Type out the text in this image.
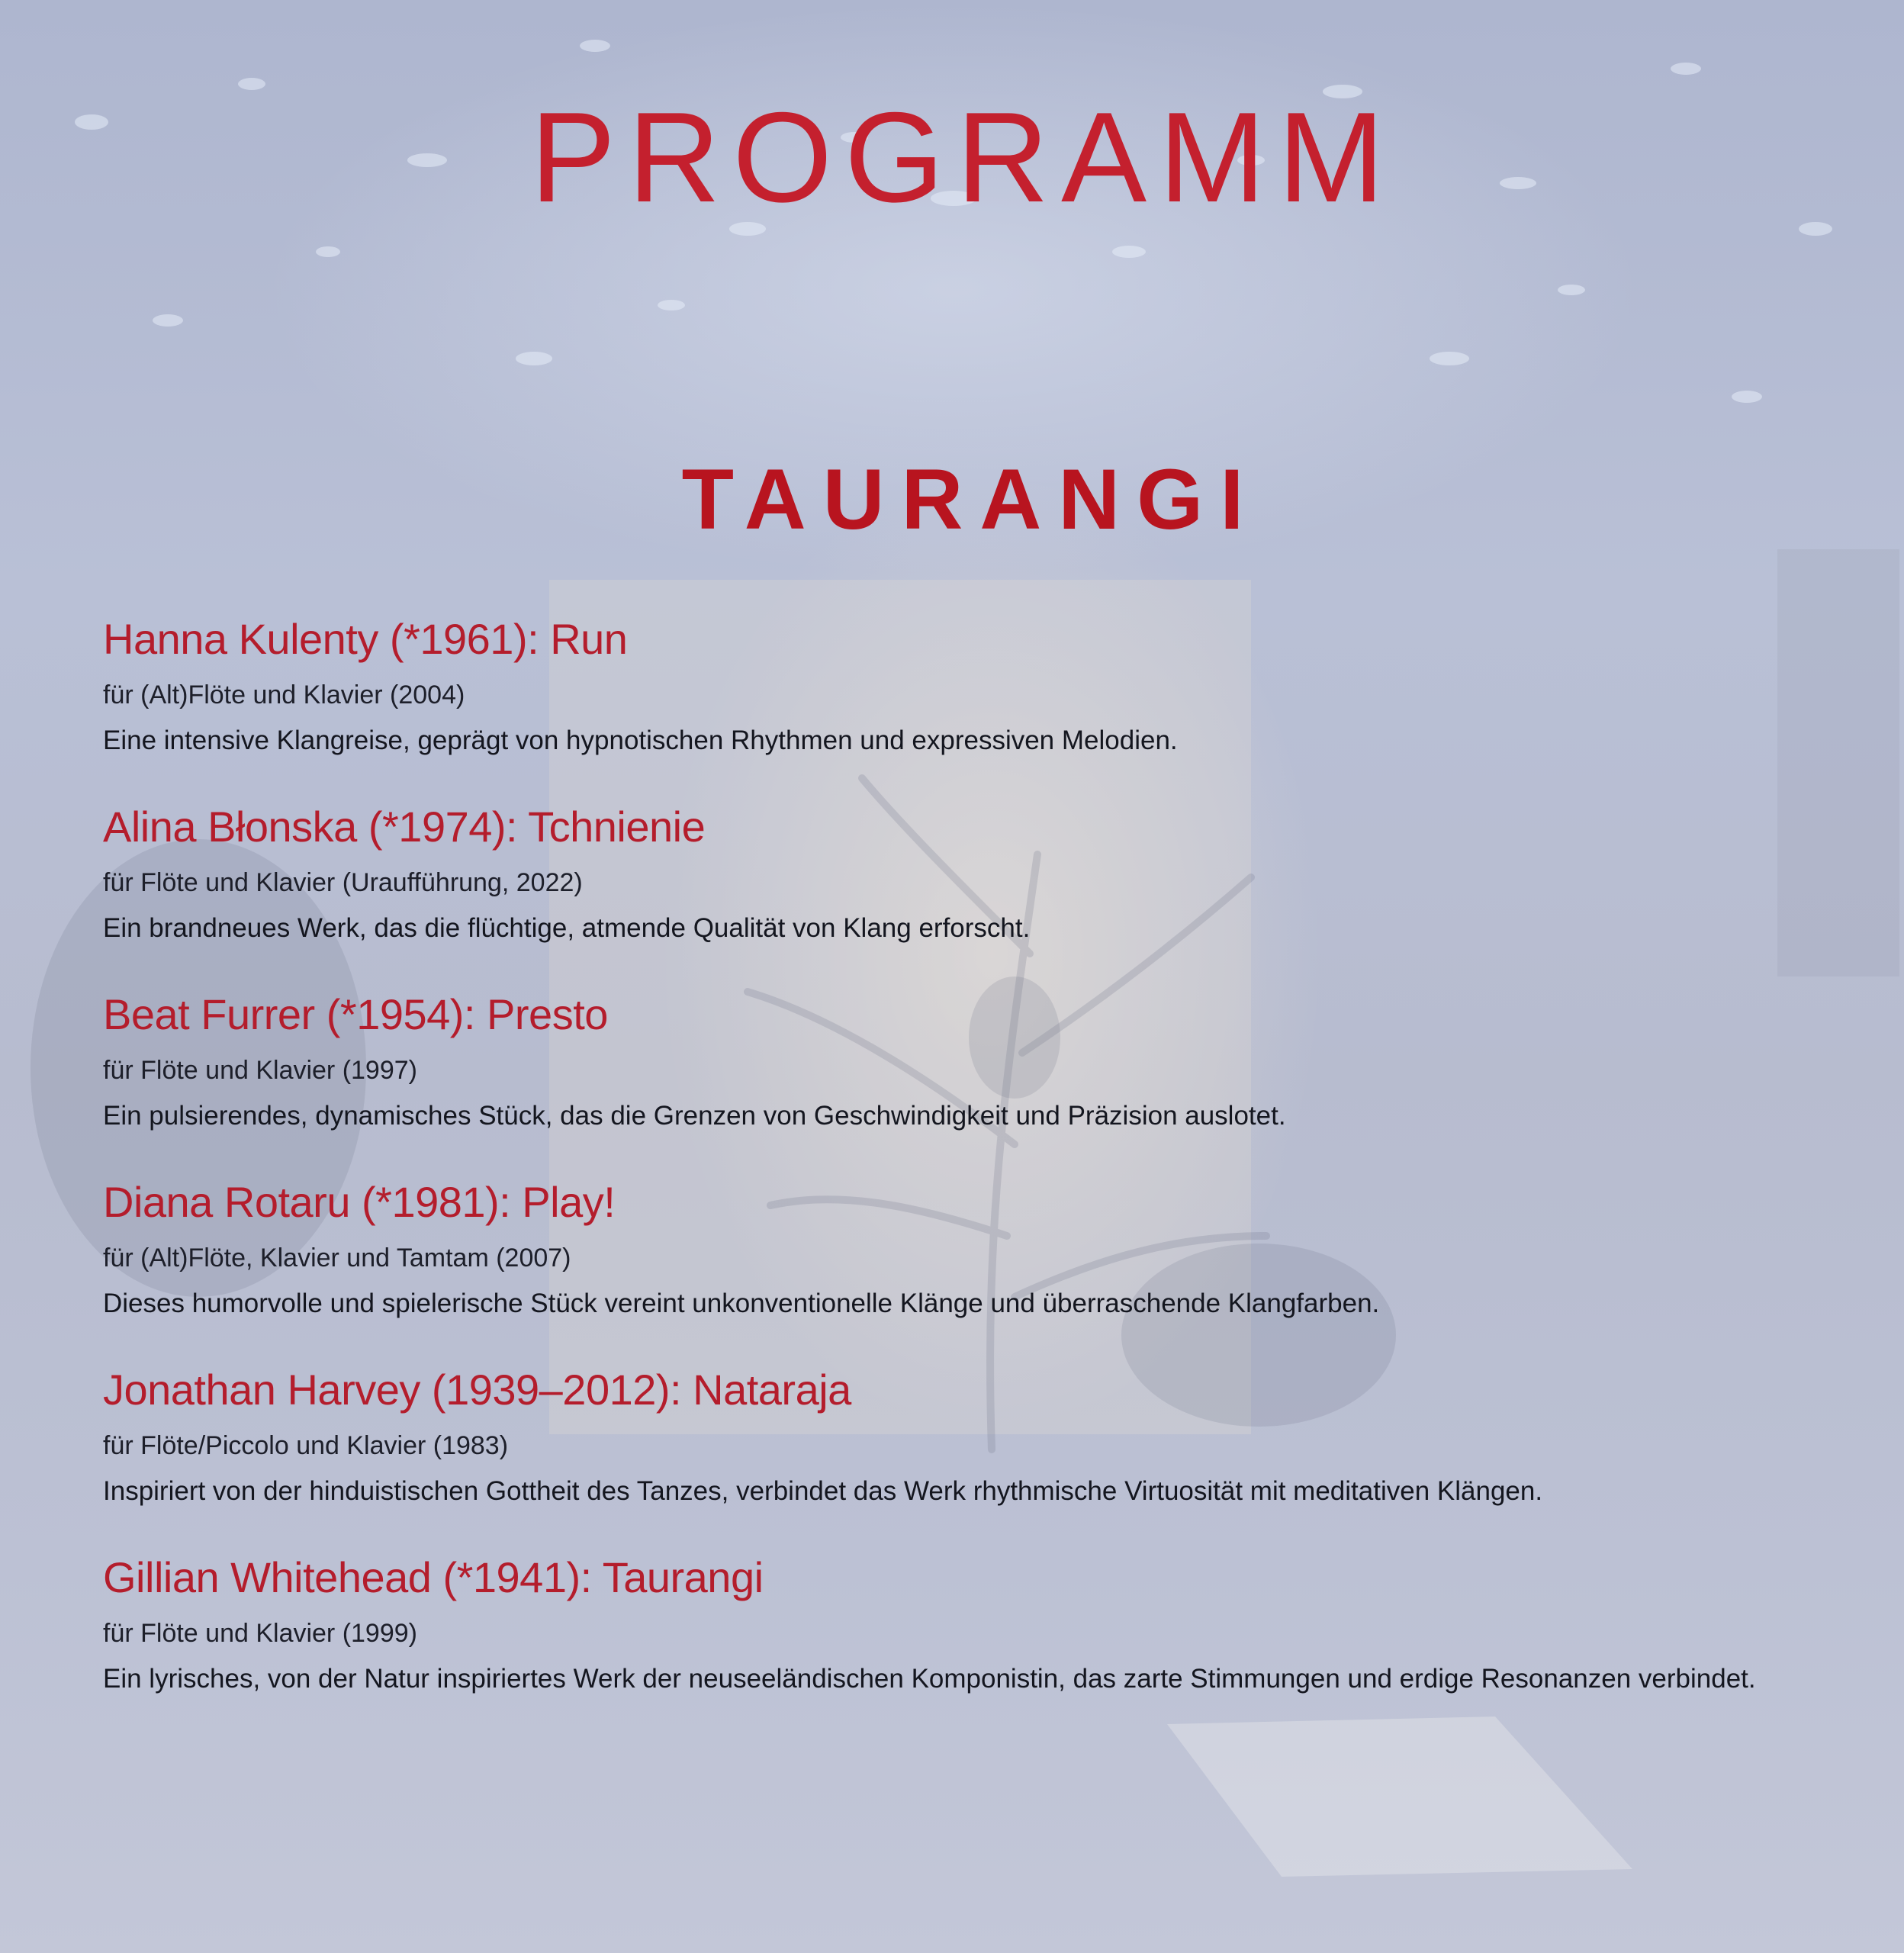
PROGRAMM
TAURANGI

Hanna Kulenty (*1961): Run

für (Alt)Flöte und Klavier (2004)

Eine intensive Klangreise, geprägt von hypnotischen Rhythmen und expressiven Melodien.

Alina Błonska (*1974): Tchnienie

für Flöte und Klavier (Uraufführung, 2022)

Ein brandneues Werk, das die flüchtige, atmende Qualität von Klang erforscht.

Beat Furrer (*1954): Presto

für Flöte und Klavier (1997)

Ein pulsierendes, dynamisches Stück, das die Grenzen von Geschwindigkeit und Präzision auslotet.

Diana Rotaru (*1981): Play!

für (Alt)Flöte, Klavier und Tamtam (2007)

Dieses humorvolle und spielerische Stück vereint unkonventionelle Klänge und überraschende Klangfarben.

Jonathan Harvey (1939–2012): Nataraja

für Flöte/Piccolo und Klavier (1983)

Inspiriert von der hinduistischen Gottheit des Tanzes, verbindet das Werk rhythmische Virtuosität mit meditativen Klängen.

Gillian Whitehead (*1941): Taurangi

für Flöte und Klavier (1999)

Ein lyrisches, von der Natur inspiriertes Werk der neuseeländischen Komponistin, das zarte Stimmungen und erdige Resonanzen verbindet.
